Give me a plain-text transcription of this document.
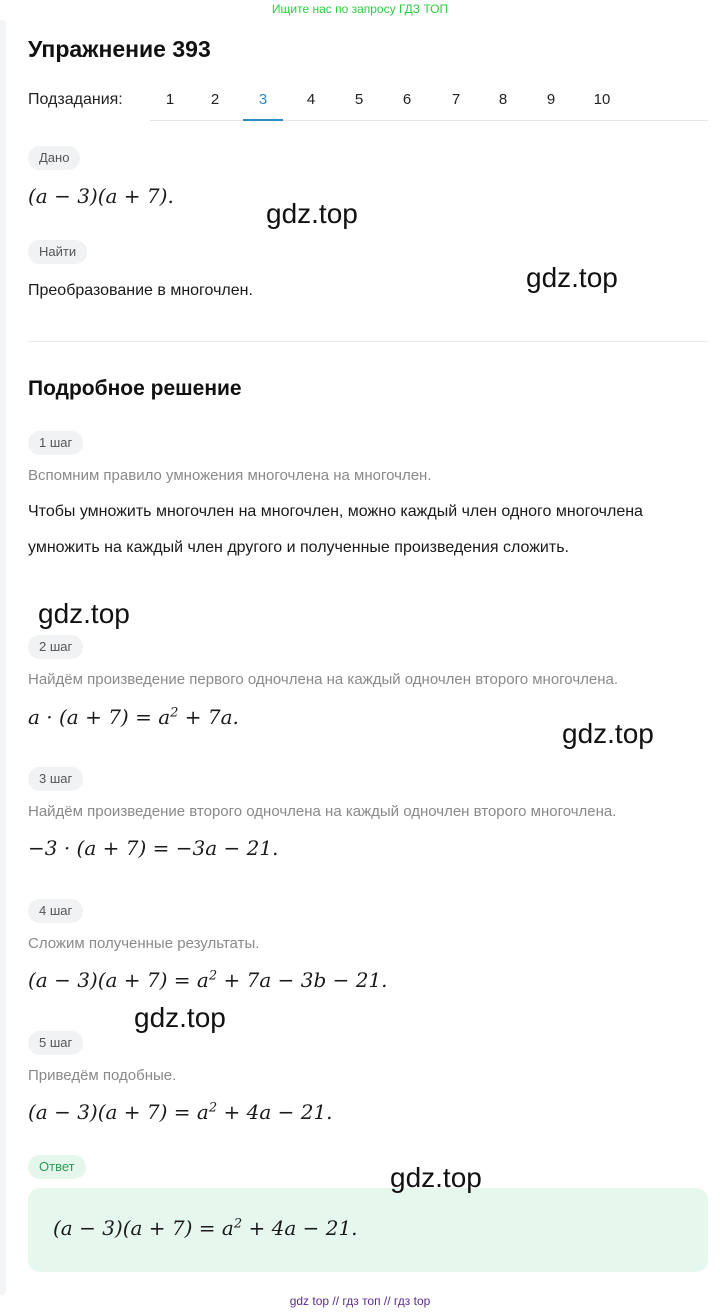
Ищите нас по запросу ГДЗ ТОП
Упражнение 393
Подзадания:	1	2	3	4	5	6	7	8	9	10
Дано
(a − 3)(a + 7).
Найти
Преобразование в многочлен.
Подробное решение
1 шаг
Вспомним правило умножения многочлена на многочлен.
Чтобы умножить многочлен на многочлен, можно каждый член одного многочлена умножить на каждый член другого и полученные произведения сложить.
2 шаг
Найдём произведение первого одночлена на каждый одночлен второго многочлена.
$a \cdot (a + 7) = a^2 + 7a$.
3 шаг
Найдём произведение второго одночлена на каждый одночлен второго многочлена.
−3 · (a + 7) = −3a − 21.
4 шаг
Сложим полученные результаты.
$(a - 3)(a + 7) = a^2 + 7a - 3b - 21$.
5 шаг
Приведём подобные.
$(a - 3)(a + 7) = a^2 + 4a - 21$.
Ответ
$(a - 3)(a + 7) = a^2 + 4a - 21$.
gdz.top
gdz.top
gdz.top
gdz.top
gdz.top
gdz.top
gdz top // гдз топ // гдз top
